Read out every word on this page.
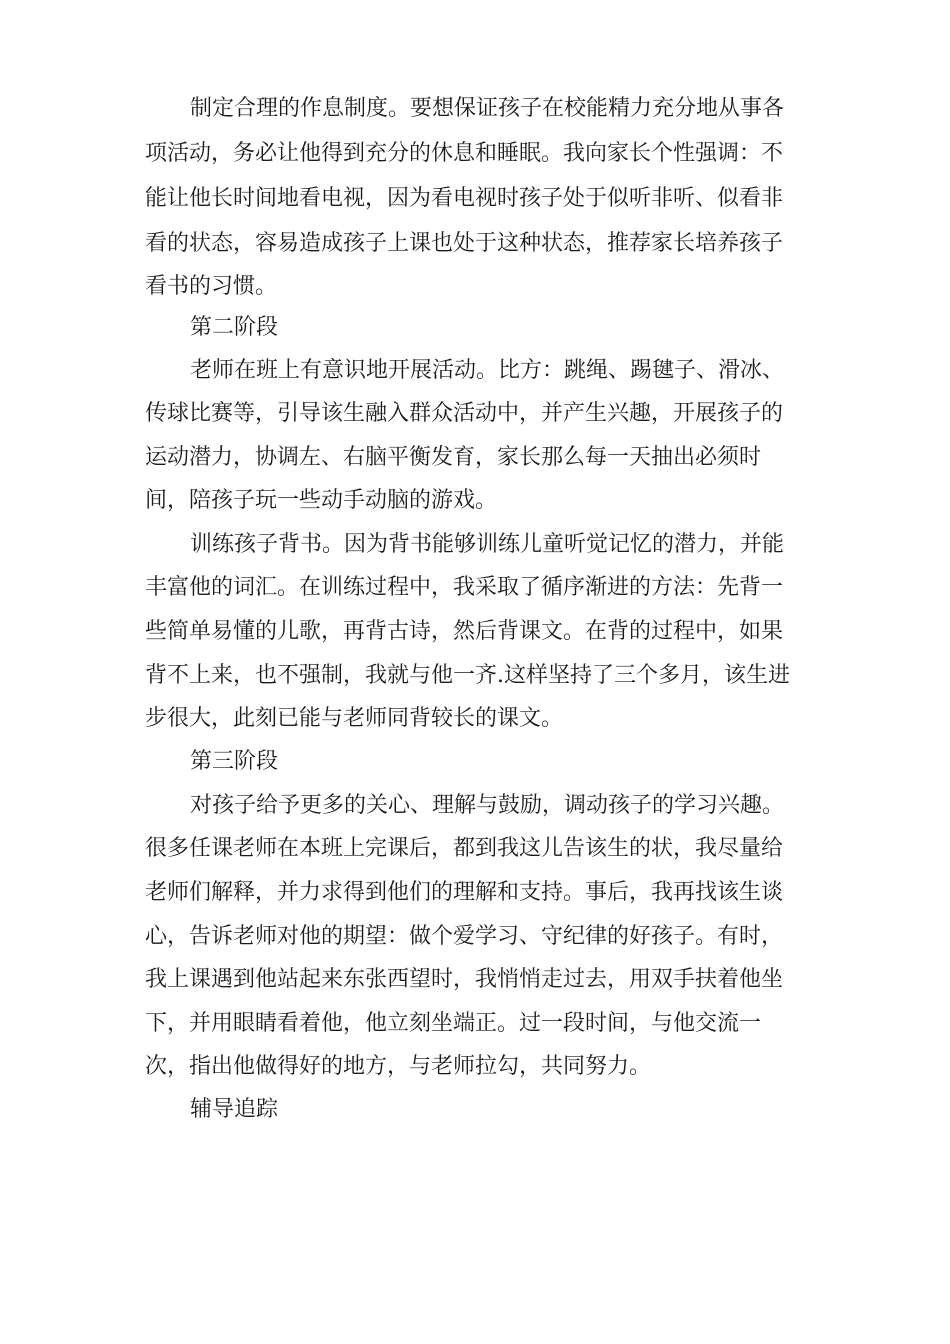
制定合理的作息制度。要想保证孩子在校能精力充分地从事各
项活动，务必让他得到充分的休息和睡眠。我向家长个性强调：不
能让他长时间地看电视，因为看电视时孩子处于似听非听、似看非
看的状态，容易造成孩子上课也处于这种状态，推荐家长培养孩子
看书的习惯。
第二阶段
老师在班上有意识地开展活动。比方：跳绳、踢毽子、滑冰、
传球比赛等，引导该生融入群众活动中，并产生兴趣，开展孩子的
运动潜力，协调左、右脑平衡发育，家长那么每一天抽出必须时
间，陪孩子玩一些动手动脑的游戏。
训练孩子背书。因为背书能够训练儿童听觉记忆的潜力，并能
丰富他的词汇。在训练过程中，我采取了循序渐进的方法：先背一
些简单易懂的儿歌，再背古诗，然后背课文。在背的过程中，如果
背不上来，也不强制，我就与他一齐.这样坚持了三个多月，该生进
步很大，此刻已能与老师同背较长的课文。
第三阶段
对孩子给予更多的关心、理解与鼓励，调动孩子的学习兴趣。
很多任课老师在本班上完课后，都到我这儿告该生的状，我尽量给
老师们解释，并力求得到他们的理解和支持。事后，我再找该生谈
心，告诉老师对他的期望：做个爱学习、守纪律的好孩子。有时，
我上课遇到他站起来东张西望时，我悄悄走过去，用双手扶着他坐
下，并用眼睛看着他，他立刻坐端正。过一段时间，与他交流一
次，指出他做得好的地方，与老师拉勾，共同努力。
辅导追踪
